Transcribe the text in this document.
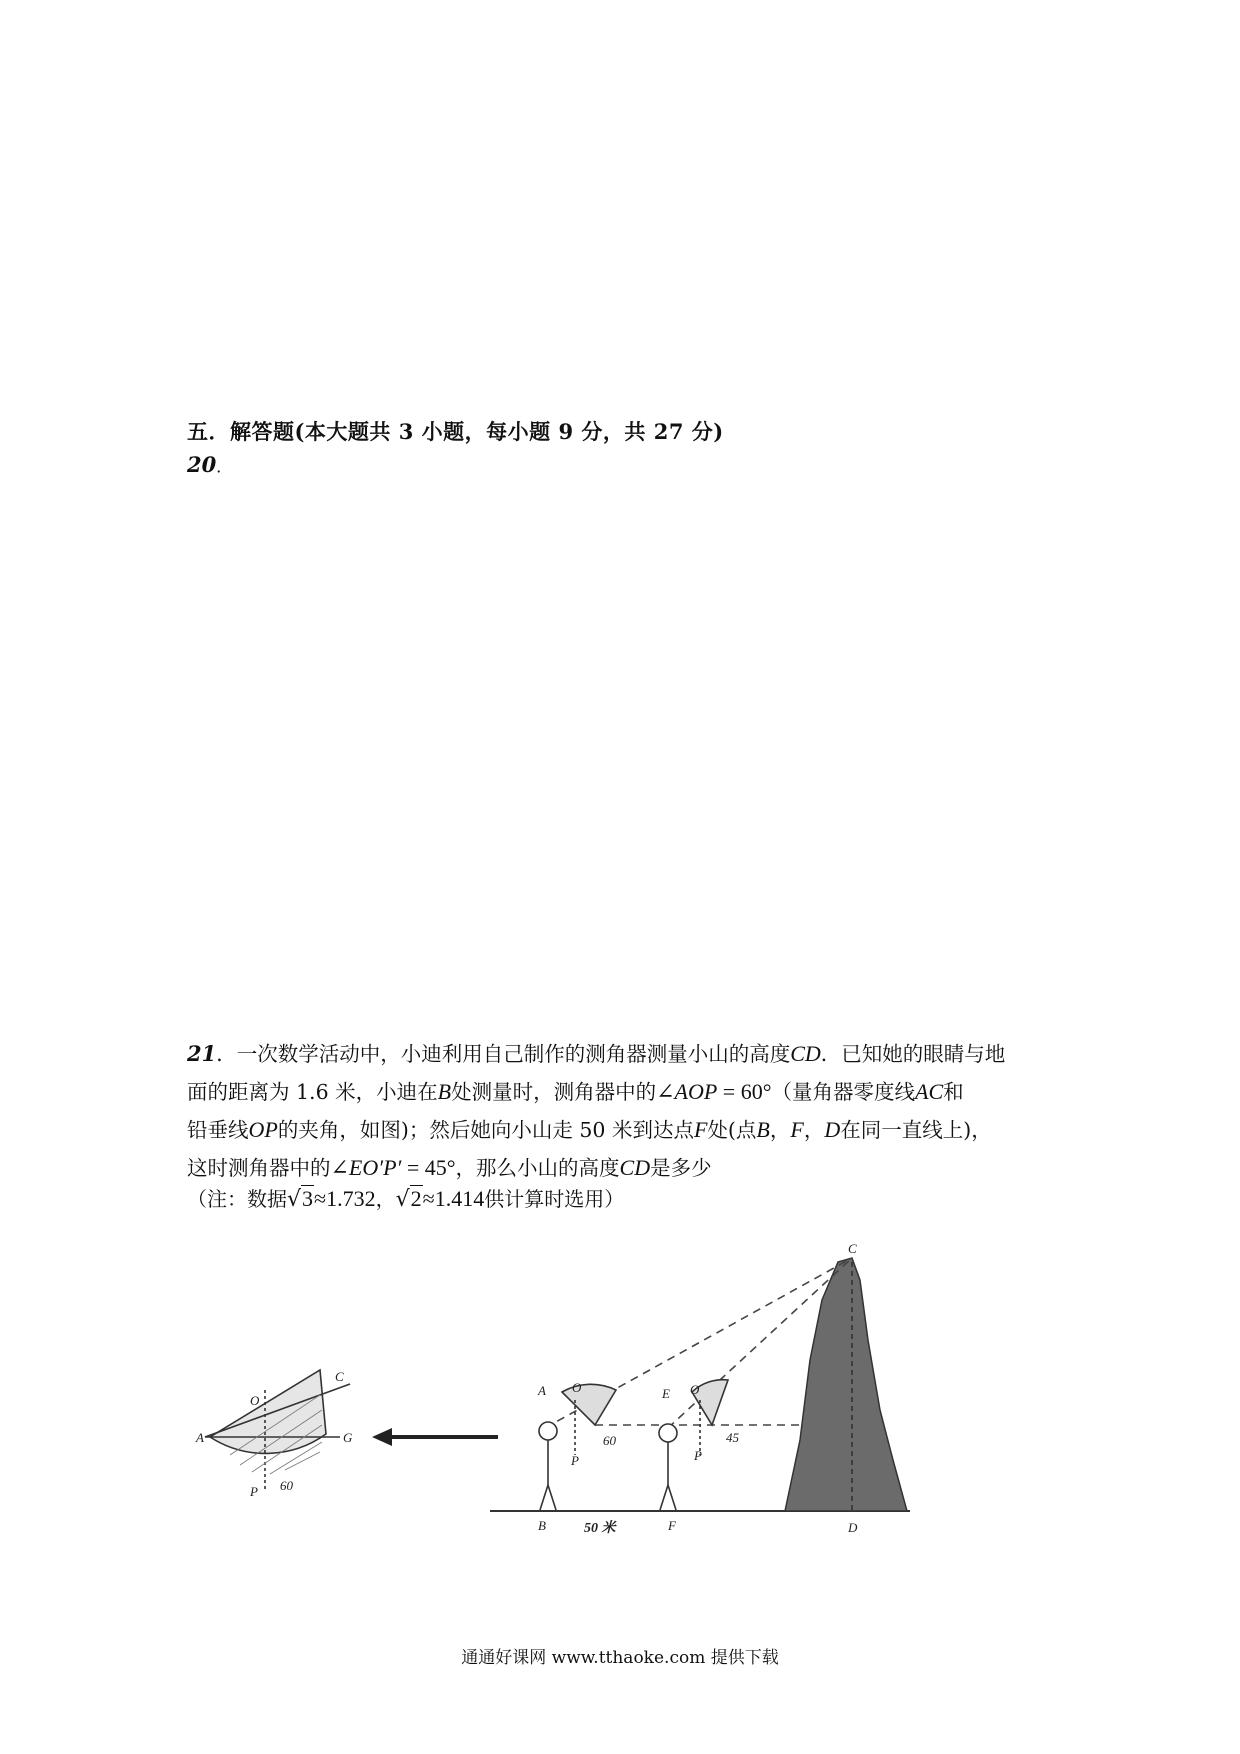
五．解答题(本大题共 3 小题，每小题 9 分，共 27 分)
20．

21．一次数学活动中，小迪利用自己制作的测角器测量小山的高度CD．已知她的眼睛与地

面的距离为 1.6 米，小迪在B处测量时，测角器中的∠AOP = 60°（量角器零度线AC和

铅垂线OP的夹角，如图)；然后她向小山走 50 米到达点F处(点B，F，D在同一直线上)，

这时测角器中的∠EO′P′ = 45°，那么小山的高度CD是多少

（注：数据√3≈1.732，√2≈1.414供计算时选用）
C
O
A	G
P 60
A O
P
60
E O
P
45
C
B	50 米	F	D
通通好课网 www.tthaoke.com 提供下载
